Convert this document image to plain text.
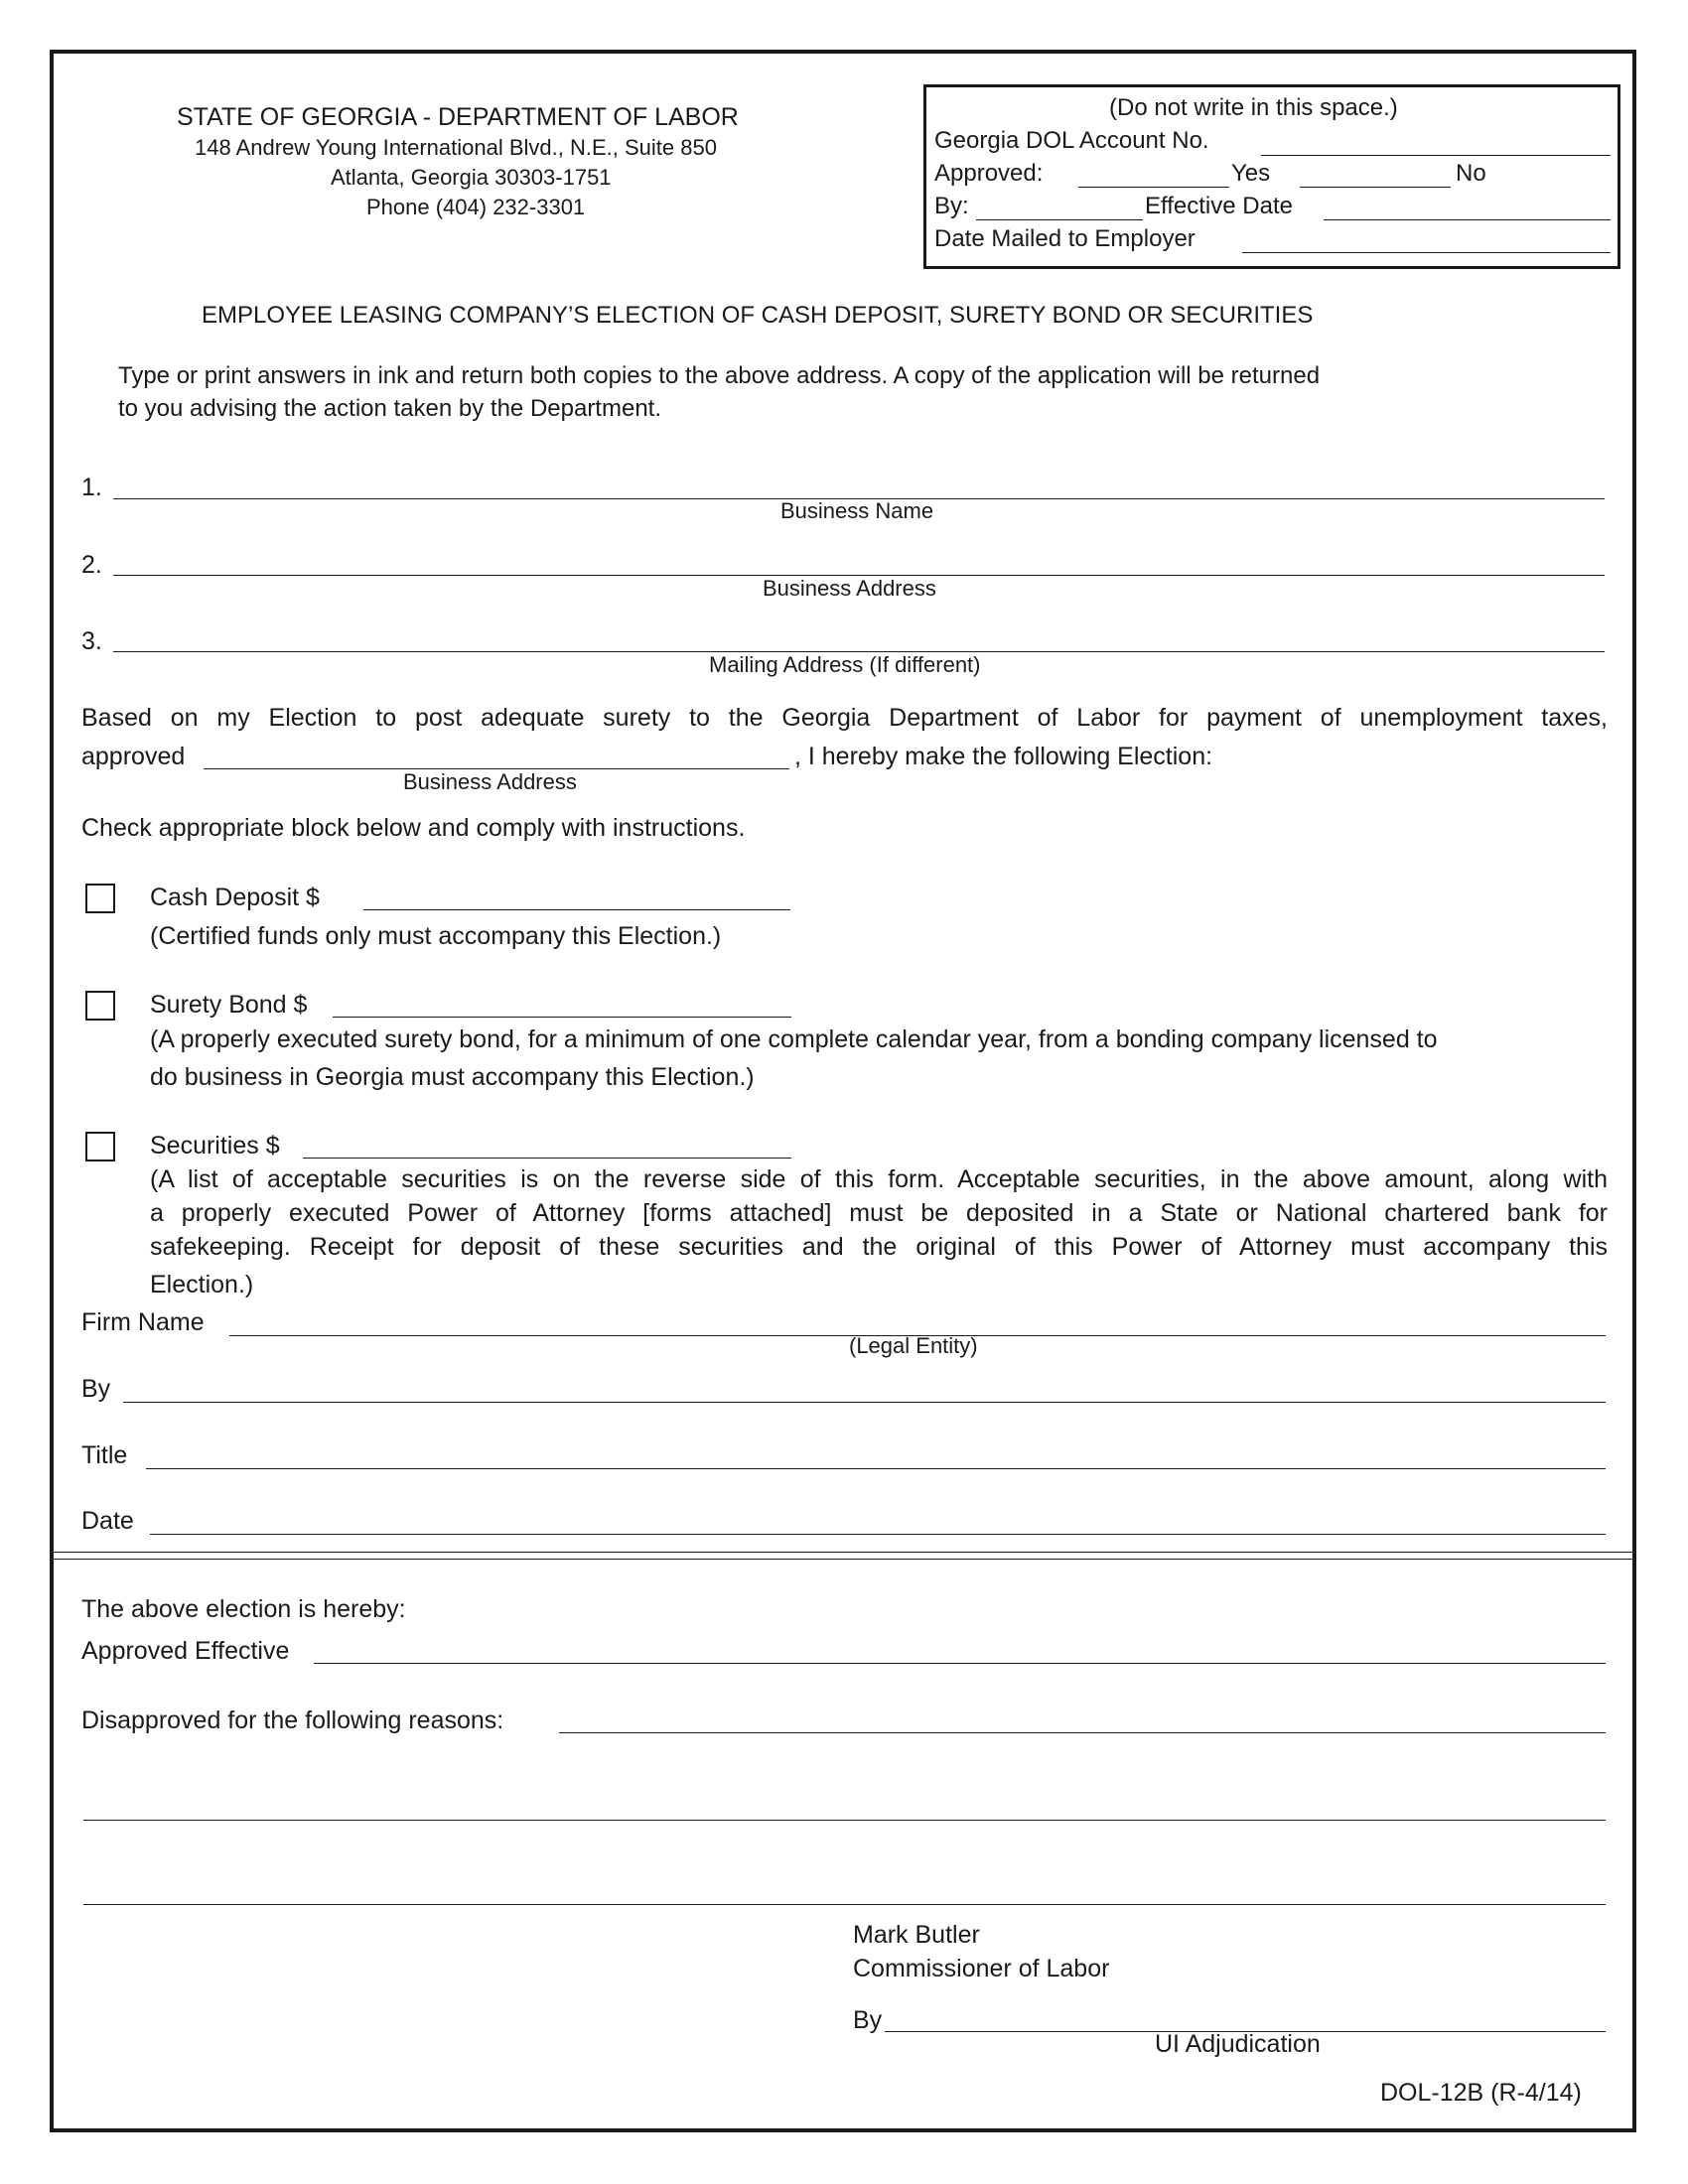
STATE OF GEORGIA - DEPARTMENT OF LABOR
148 Andrew Young International Blvd., N.E., Suite 850
Atlanta, Georgia 30303-1751
Phone (404) 232-3301
(Do not write in this space.)
Georgia DOL Account No.
Approved:	Yes	No
By:	Effective Date
Date Mailed to Employer
EMPLOYEE LEASING COMPANY’S ELECTION OF CASH DEPOSIT, SURETY BOND OR SECURITIES
Type or print answers in ink and return both copies to the above address. A copy of the application will be returned
to you advising the action taken by the Department.
1.
Business Name
2.
Business Address
3.
Mailing Address (If different)
Based on my Election to post adequate surety to the Georgia Department of Labor for payment of unemployment taxes,
approved	, I hereby make the following Election:
Business Address
Check appropriate block below and comply with instructions.
Cash Deposit $
(Certified funds only must accompany this Election.)
Surety Bond $
(A properly executed surety bond, for a minimum of one complete calendar year, from a bonding company licensed to
do business in Georgia must accompany this Election.)
Securities $
(A list of acceptable securities is on the reverse side of this form. Acceptable securities, in the above amount, along with
a properly executed Power of Attorney [forms attached] must be deposited in a State or National chartered bank for
safekeeping. Receipt for deposit of these securities and the original of this Power of Attorney must accompany this
Election.)
Firm Name
(Legal Entity)
By
Title
Date
The above election is hereby:
Approved Effective
Disapproved for the following reasons:
Mark Butler
Commissioner of Labor
By
UI Adjudication
DOL-12B (R-4/14)
